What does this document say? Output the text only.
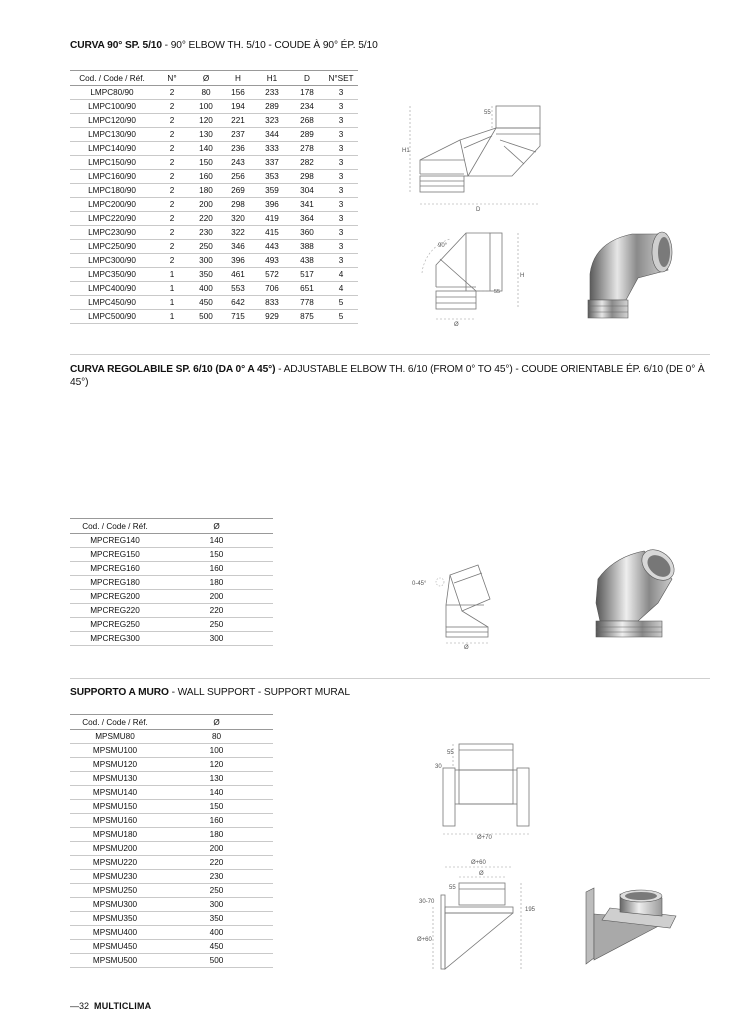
CURVA 90° SP. 5/10 - 90° ELBOW TH. 5/10 - COUDE À 90° ÉP. 5/10
Cod. / Code / Réf.	N°	Ø	H	H1	D	N°SET
LMPC80/90	2	80	156	233	178	3
LMPC100/90	2	100	194	289	234	3
LMPC120/90	2	120	221	323	268	3
LMPC130/90	2	130	237	344	289	3
LMPC140/90	2	140	236	333	278	3
LMPC150/90	2	150	243	337	282	3
LMPC160/90	2	160	256	353	298	3
LMPC180/90	2	180	269	359	304	3
LMPC200/90	2	200	298	396	341	3
LMPC220/90	2	220	320	419	364	3
LMPC230/90	2	230	322	415	360	3
LMPC250/90	2	250	346	443	388	3
LMPC300/90	2	300	396	493	438	3
LMPC350/90	1	350	461	572	517	4
LMPC400/90	1	400	553	706	651	4
LMPC450/90	1	450	642	833	778	5
LMPC500/90	1	500	715	929	875	5
55
H1
D
90°
H
55
Ø
CURVA REGOLABILE SP. 6/10 (DA 0° A 45°) - ADJUSTABLE ELBOW TH. 6/10 (FROM 0° TO 45°) - COUDE ORIENTABLE ÉP. 6/10 (DE 0° À 45°)
Cod. / Code / Réf.	Ø
MPCREG140	140
MPCREG150	150
MPCREG160	160
MPCREG180	180
MPCREG200	200
MPCREG220	220
MPCREG250	250
MPCREG300	300
0-45°
Ø
SUPPORTO A MURO - WALL SUPPORT - SUPPORT MURAL
Cod. / Code / Réf.	Ø
MPSMU80	80
MPSMU100	100
MPSMU120	120
MPSMU130	130
MPSMU140	140
MPSMU150	150
MPSMU160	160
MPSMU180	180
MPSMU200	200
MPSMU220	220
MPSMU230	230
MPSMU250	250
MPSMU300	300
MPSMU350	350
MPSMU400	400
MPSMU450	450
MPSMU500	500
55
30
Ø+70
Ø+60
Ø
55
30-70
195
Ø+60
—32 MULTICLIMA
